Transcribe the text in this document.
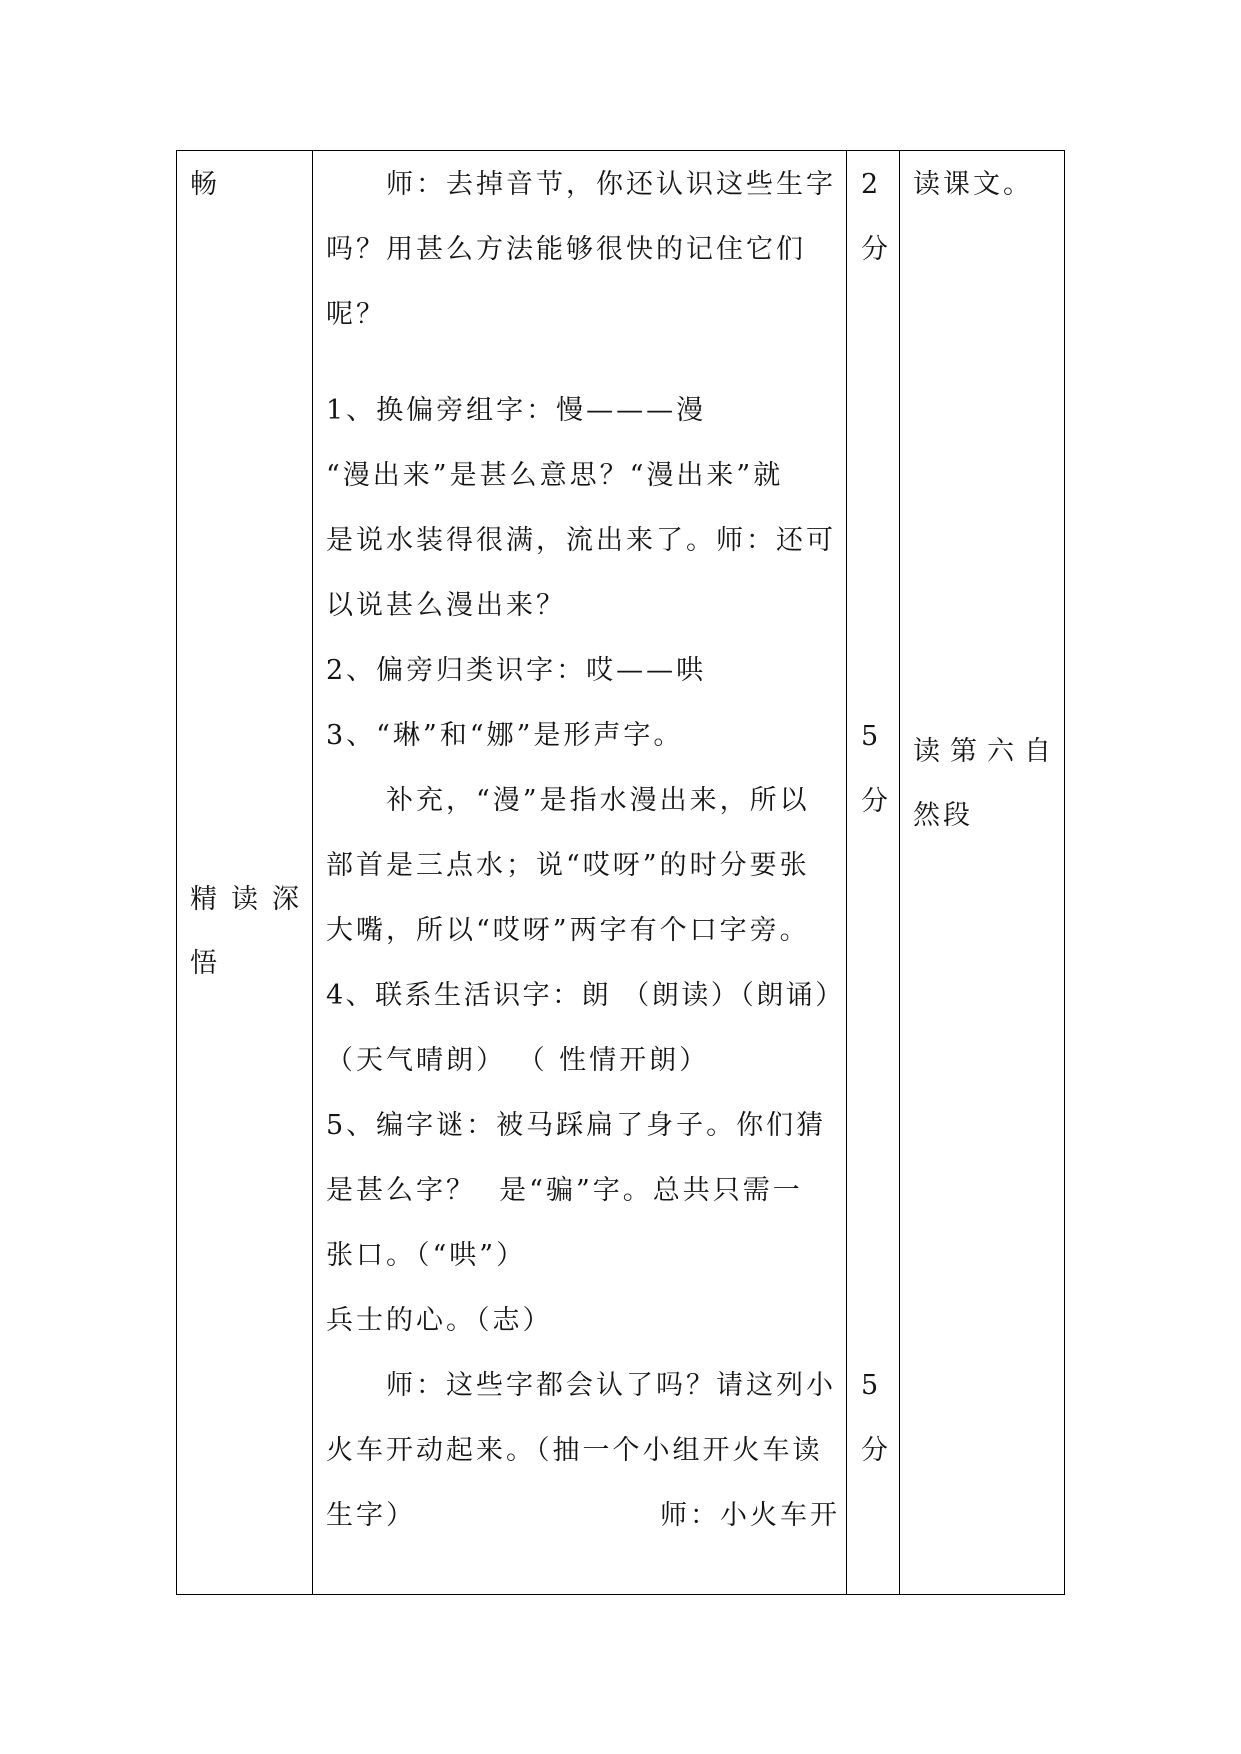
畅
精读深
悟
师：去掉音节，你还认识这些生字
吗？用甚么方法能够很快的记住它们
呢？
1、换偏旁组字：慢———漫
“漫出来”是甚么意思？“漫出来”就
是说水装得很满，流出来了。师：还可
以说甚么漫出来？
2、偏旁归类识字：哎——哄
3、“琳”和“娜”是形声字。
补充，“漫”是指水漫出来，所以
部首是三点水；说“哎呀”的时分要张
大嘴，所以“哎呀”两字有个口字旁。
4、联系生活识字：朗 （朗读）（朗诵）
（天气晴朗） （ 性情开朗）
5、编字谜：被马踩扁了身子。你们猜
是甚么字？  是“骗”字。总共只需一
张口。（“哄”）
兵士的心。（志）
师：这些字都会认了吗？请这列小
火车开动起来。（抽一个小组开火车读
生字）	师：小火车开
2
分
5
分
5
分
读课文。
读第六自
然段
